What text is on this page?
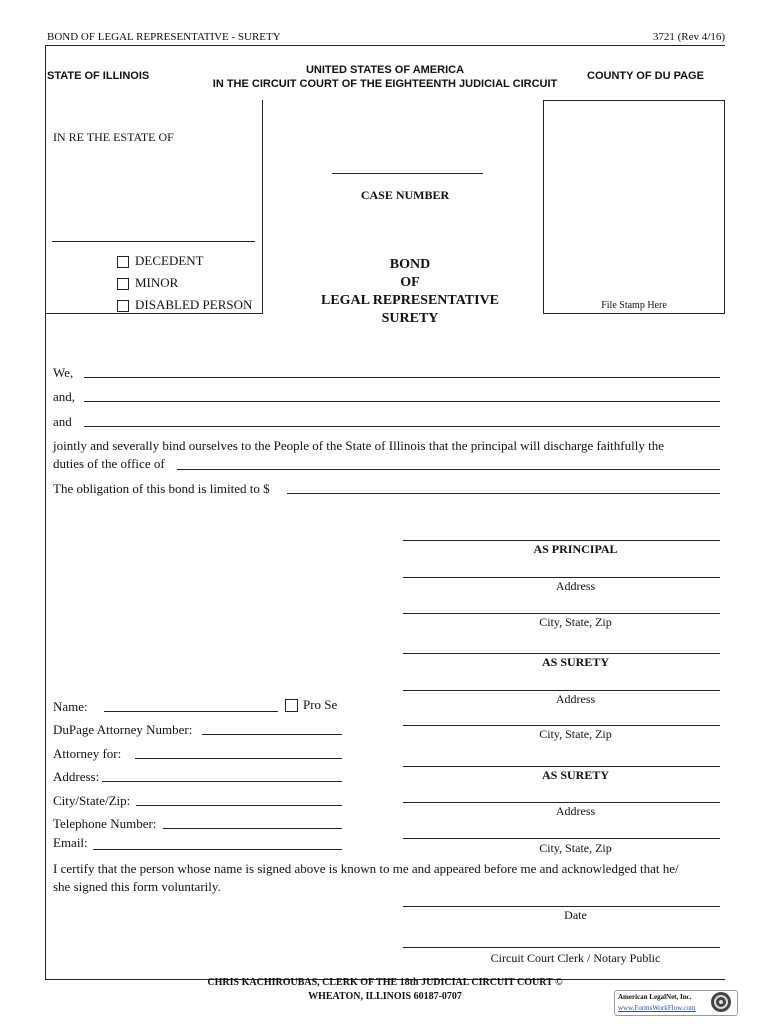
BOND OF LEGAL REPRESENTATIVE - SURETY	3721 (Rev 4/16)
STATE OF ILLINOIS	UNITED STATES OF AMERICA
IN THE CIRCUIT COURT OF THE EIGHTEENTH JUDICIAL CIRCUIT
COUNTY OF DU PAGE
IN RE THE ESTATE OF
DECEDENT
MINOR
DISABLED PERSON
CASE NUMBER
BOND
OF
LEGAL REPRESENTATIVE
SURETY
File Stamp Here
We,
and,
and
jointly and severally bind ourselves to the People of the State of Illinois that the principal will discharge faithfully the
duties of the office of
The obligation of this bond is limited to $
AS PRINCIPAL
Address
City, State, Zip
AS SURETY
Address
City, State, Zip
AS SURETY
Address
City, State, Zip
Name:	Pro Se
DuPage Attorney Number:
Attorney for:
Address:
City/State/Zip:
Telephone Number:
Email:
I certify that the person whose name is signed above is known to me and appeared before me and acknowledged that he/
she signed this form voluntarily.
Date
Circuit Court Clerk / Notary Public
CHRIS KACHIROUBAS, CLERK OF THE 18th JUDICIAL CIRCUIT COURT ©
WHEATON, ILLINOIS 60187-0707	American LegalNet, Inc.
www.FormsWorkFlow.com
